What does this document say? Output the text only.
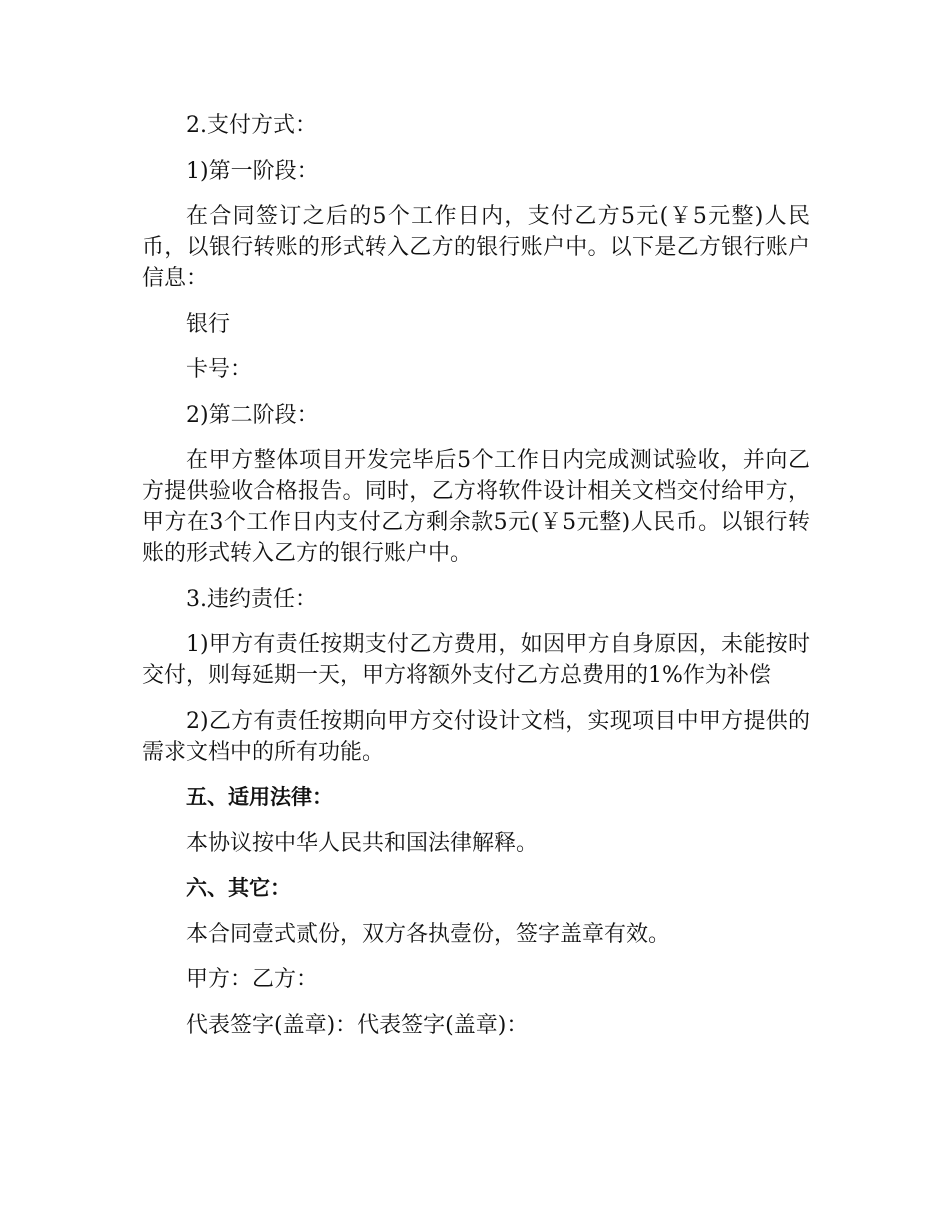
2.支付方式：

1)第一阶段：

在合同签订之后的5个工作日内，支付乙方5元(￥5元整)人民币，以银行转账的形式转入乙方的银行账户中。以下是乙方银行账户信息：

银行

卡号：

2)第二阶段：

在甲方整体项目开发完毕后5个工作日内完成测试验收，并向乙方提供验收合格报告。同时，乙方将软件设计相关文档交付给甲方，甲方在3个工作日内支付乙方剩余款5元(￥5元整)人民币。以银行转账的形式转入乙方的银行账户中。

3.违约责任：

1)甲方有责任按期支付乙方费用，如因甲方自身原因，未能按时交付，则每延期一天，甲方将额外支付乙方总费用的1%作为补偿

2)乙方有责任按期向甲方交付设计文档，实现项目中甲方提供的需求文档中的所有功能。

五、适用法律：

本协议按中华人民共和国法律解释。

六、其它：

本合同壹式贰份，双方各执壹份，签字盖章有效。

甲方：乙方：

代表签字(盖章)：代表签字(盖章)：
